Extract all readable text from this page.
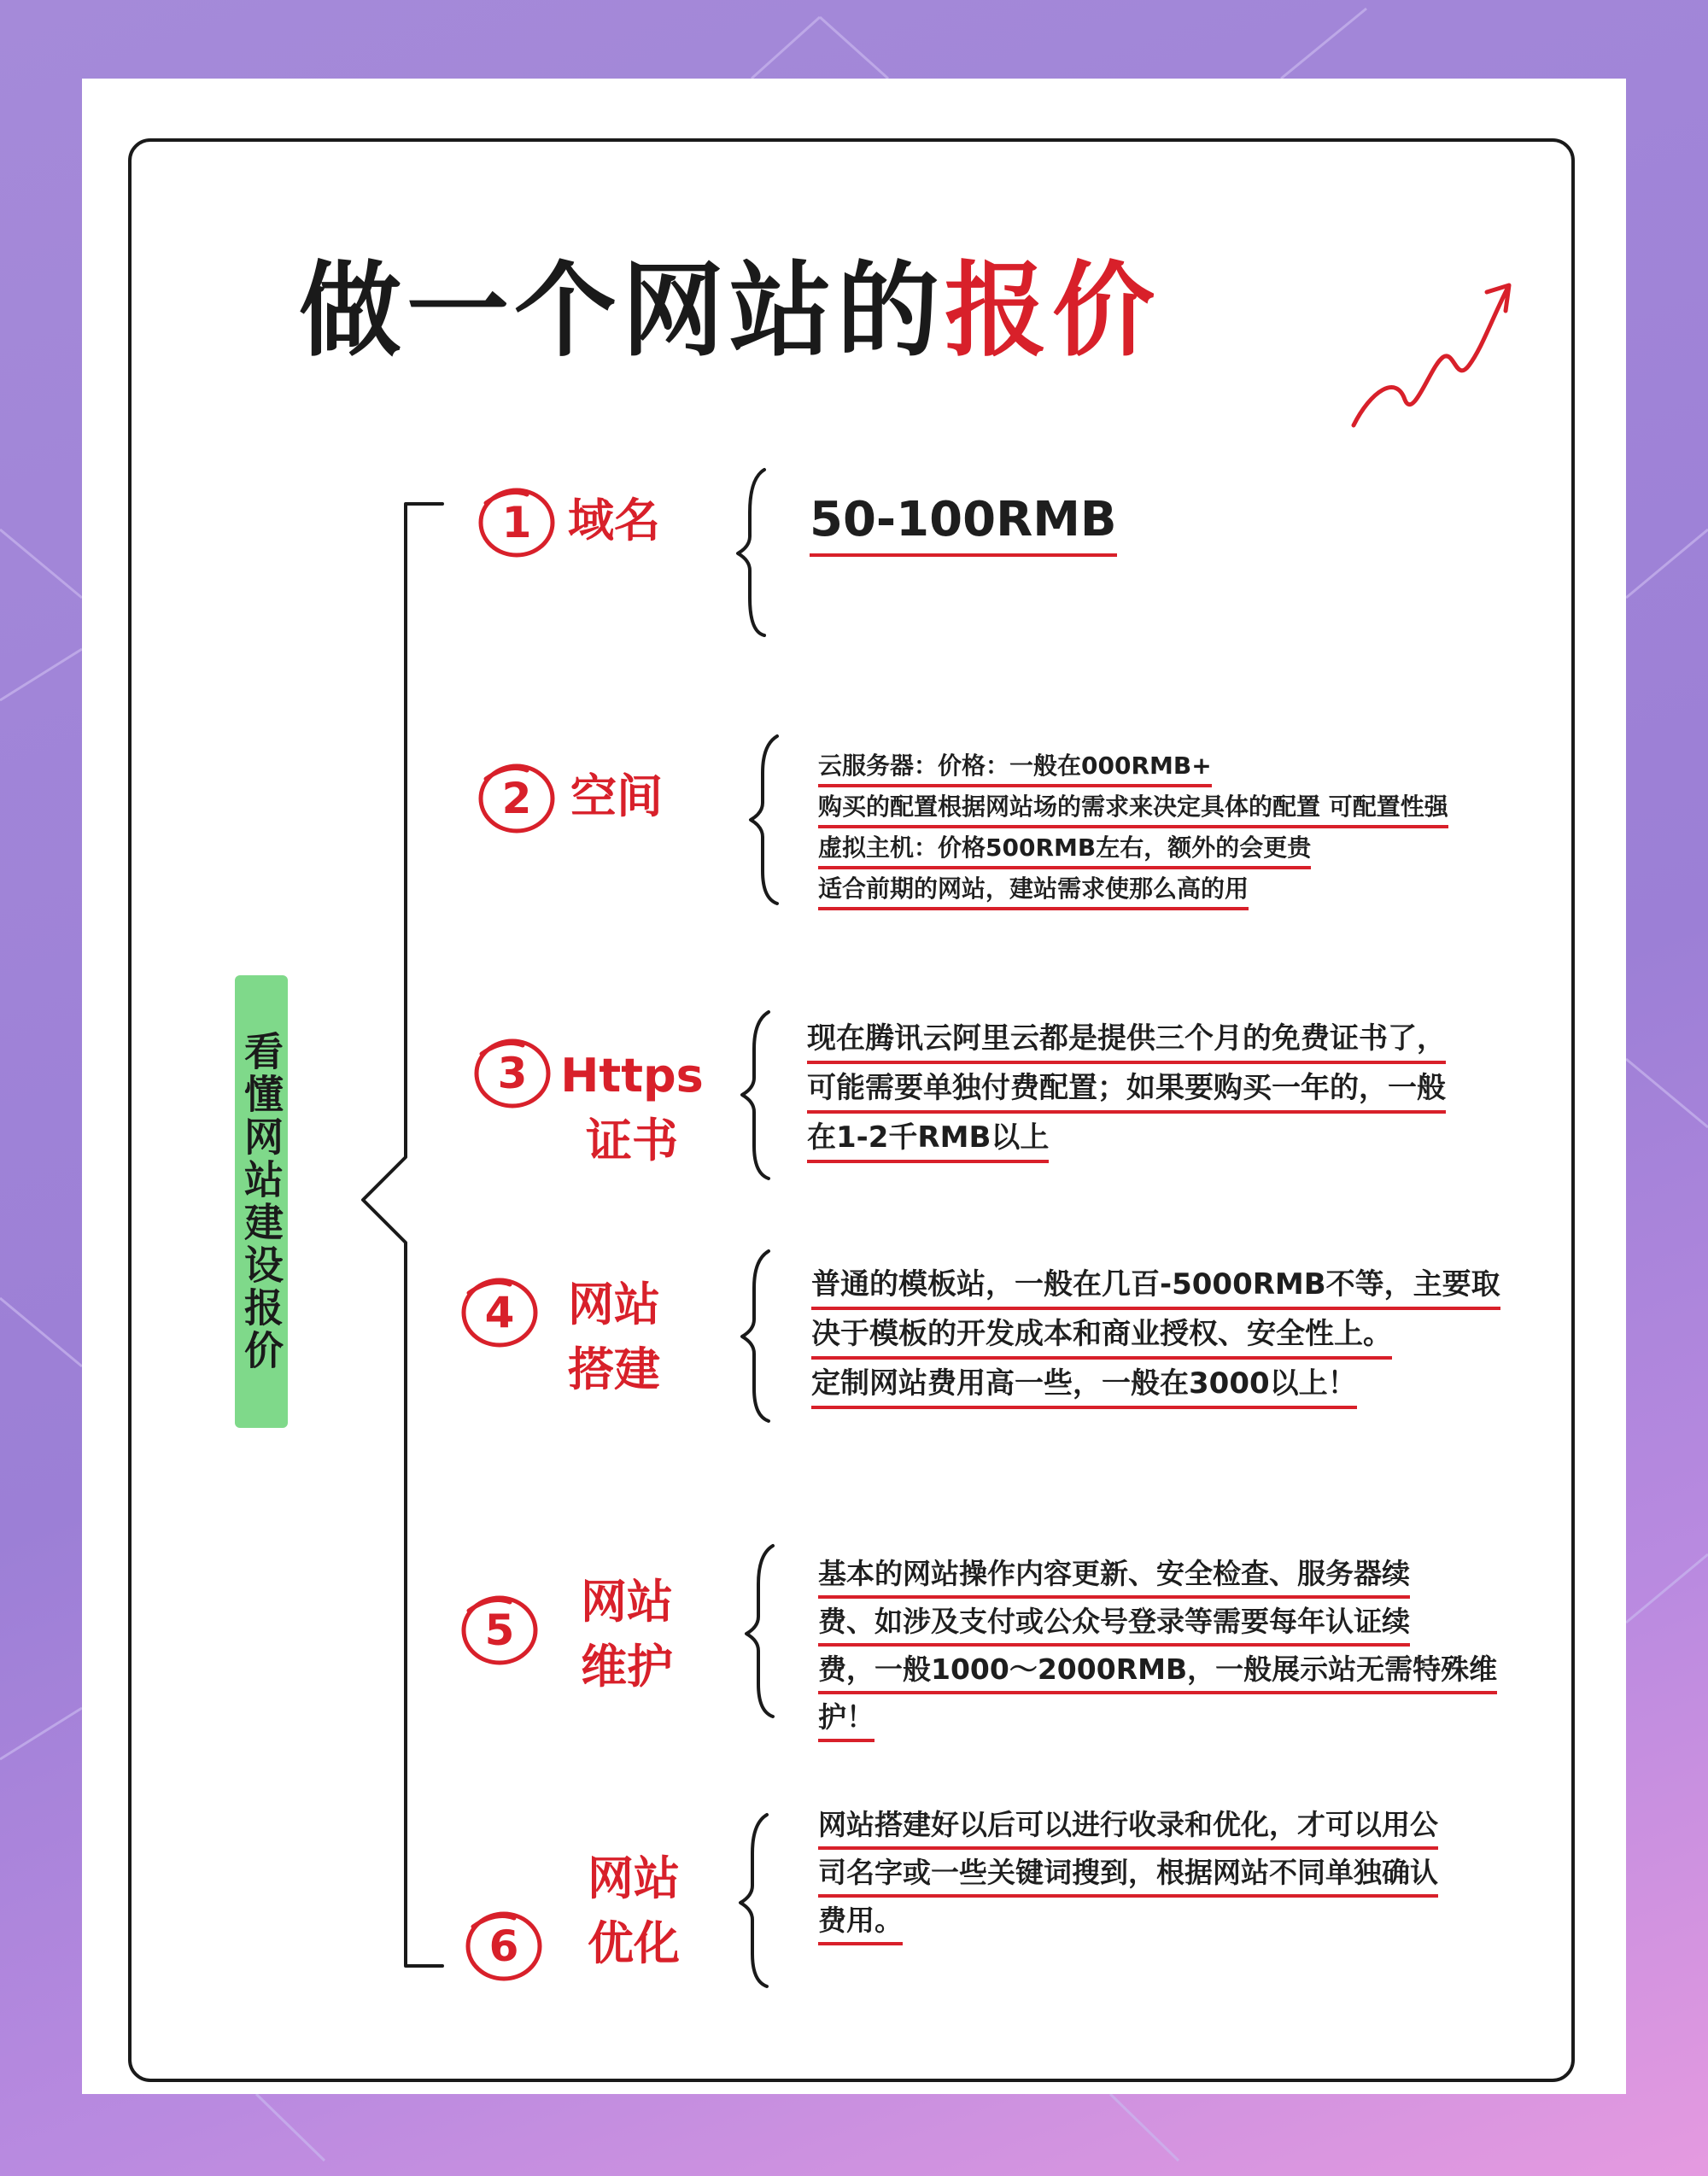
做一个网站的报价
看懂网站建设报价
1 域名	50-100RMB
2 空间
云服务器：价格：一般在000RMB+
购买的配置根据网站场的需求来决定具体的配置 可配置性强
虚拟主机：价格500RMB左右，额外的会更贵
适合前期的网站，建站需求使那么高的用
3 Https
证书
现在腾讯云阿里云都是提供三个月的免费证书了，
可能需要单独付费配置；如果要购买一年的，一般
在1-2千RMB以上
4 网站
搭建
普通的模板站，一般在几百-5000RMB不等，主要取
决于模板的开发成本和商业授权、安全性上。
定制网站费用高一些，一般在3000以上！
5
网站
维护
基本的网站操作内容更新、安全检查、服务器续
费、如涉及支付或公众号登录等需要每年认证续
费，一般1000～2000RMB，一般展示站无需特殊维
护！
6
网站
优化
网站搭建好以后可以进行收录和优化，才可以用公
司名字或一些关键词搜到，根据网站不同单独确认
费用。
